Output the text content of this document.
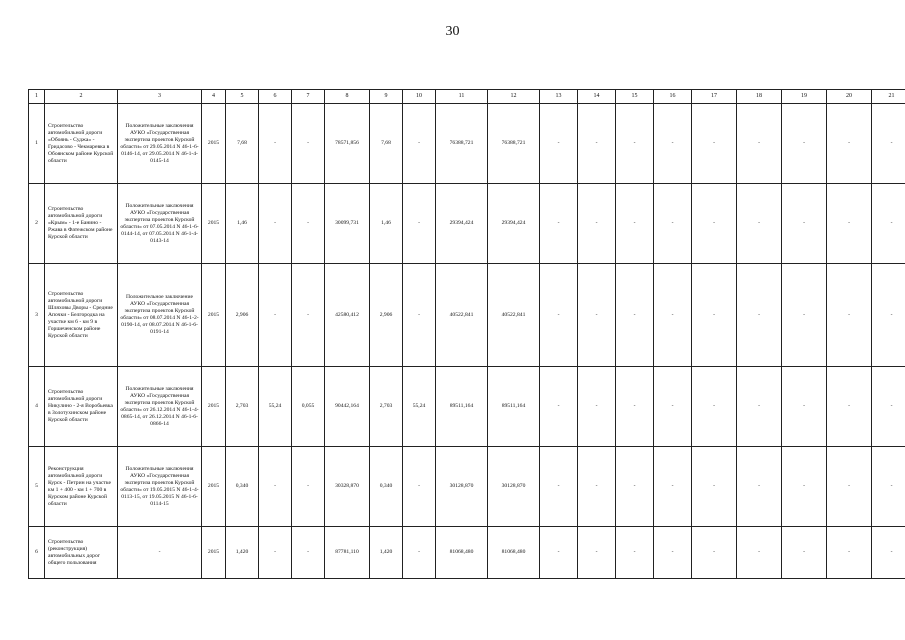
30
1	2	3	4	5	6	7	8	9	10	11	12	13	14	15	16	17	18	19	20	21
1	Строительство автомобильной дороги «Обоянь - Суджа» - Гридасово - Чекмаревка в Обоянском районе Курской области	Положительные заключения АУКО «Государственная экспертиза проектов Курской области» от 29.05.2014 N 46-1-6-0146-14, от 29.05.2014 N 46-1-4-0145-14	2015	7,68	-	-	78571,856	7,68	-	76388,721	76388,721	-	-	-	-	-	-	-	-	-
2	Строительство автомобильной дороги «Крым» - 1-е Банино - Ржава в Фатежском районе Курской области	Положительные заключения АУКО «Государственная экспертиза проектов Курской области» от 07.05.2014 N 46-1-6-0144-14, от 07.05.2014 N 46-1-4-0143-14	2015	1,46	-	-	30099,731	1,46	-	29394,424	29394,424	-	-	-	-	-	-	-	-	-
3	Строительство автомобильной дороги Шляховы Дворы - Средние Апочки - Белгородка на участке км 6 - км 9 в Горшеченском районе Курской области	Положительное заключение АУКО «Государственная экспертиза проектов Курской области» от 08.07.2014 N 46-1-2-0190-14, от 08.07.2014 N 46-1-6-0191-14	2015	2,906	-	-	42580,412	2,906	-	40522,841	40522,841	-	-	-	-	-	-	-	-	-
4	Строительство автомобильной дороги Никулино - 2-я Воробьевка в Золотухинском районе Курской области	Положительные заключения АУКО «Государственная экспертиза проектов Курской области» от 26.12.2014 N 46-1-4-0865-14, от 26.12.2014 N 46-1-6-0866-14	2015	2,703	55,24	0,055	90442,164	2,703	55,24	89511,164	89511,164	-	-	-	-	-	-	-	-	-
5	Реконструкция автомобильной дороги Курск - Петрин на участке км 1 + 400 - км 1 + 700 в Курском районе Курской области	Положительные заключения АУКО «Государственная экспертиза проектов Курской области» от 19.05.2015 N 46-1-4-0113-15, от 19.05.2015 N 46-1-6-0114-15	2015	0,340	-	-	30328,870	0,340	-	30128,870	30128,870	-	-	-	-	-	-	-	-	-
6	Строительство (реконструкция) автомобильных дорог общего пользования	-	2015	1,420	-	-	87781,110	1,420	-	81068,480	81068,480	-	-	-	-	-	-	-	-	-
